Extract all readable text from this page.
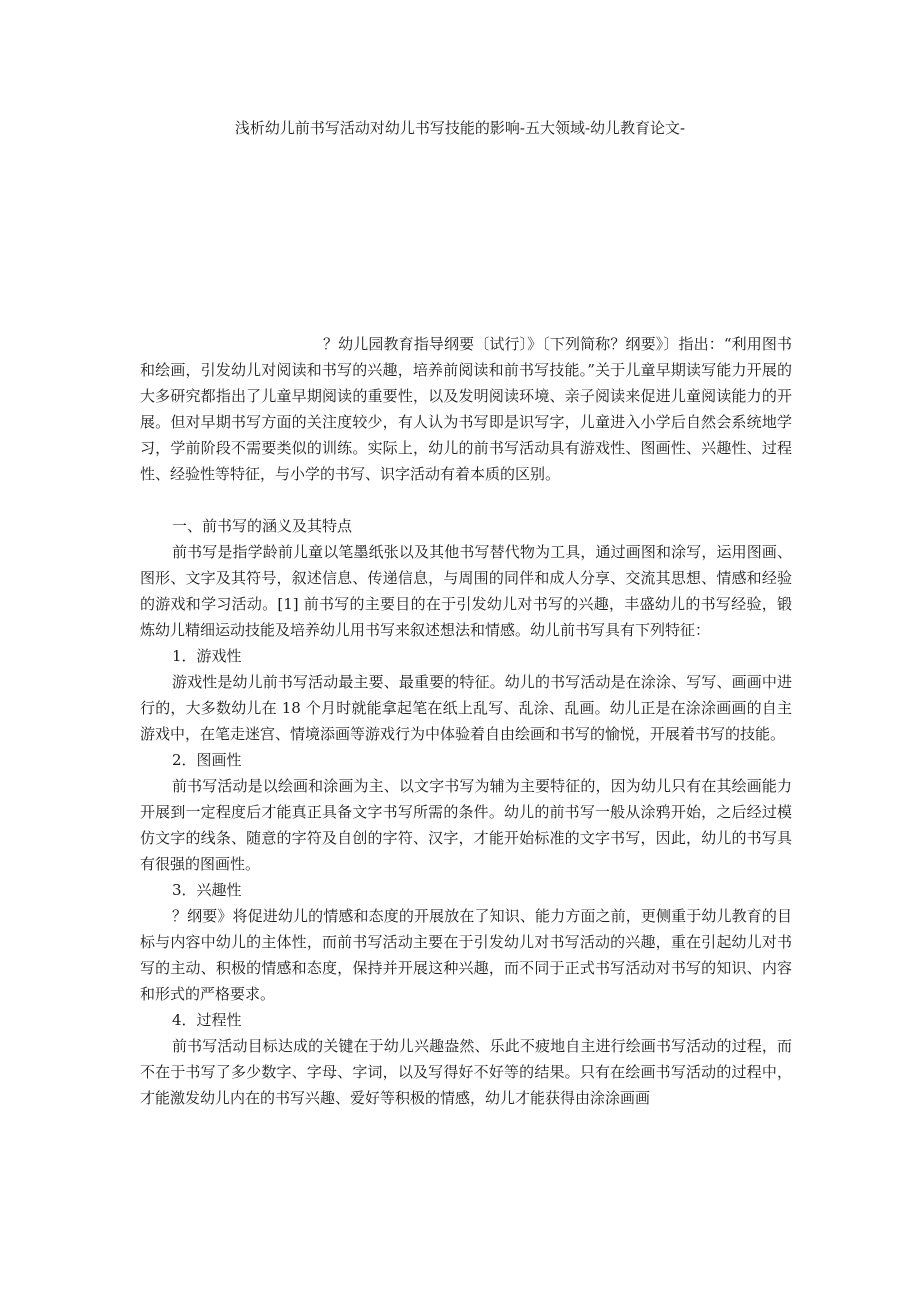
浅析幼儿前书写活动对幼儿书写技能的影响-五大领域-幼儿教育论文-

？幼儿园教育指导纲要〔试行〕》〔下列简称？纲要》〕指出：“利用图书和绘画，引发幼儿对阅读和书写的兴趣，培养前阅读和前书写技能。”关于儿童早期读写能力开展的大多研究都指出了儿童早期阅读的重要性，以及发明阅读环境、亲子阅读来促进儿童阅读能力的开展。但对早期书写方面的关注度较少，有人认为书写即是识写字，儿童进入小学后自然会系统地学习，学前阶段不需要类似的训练。实际上，幼儿的前书写活动具有游戏性、图画性、兴趣性、过程性、经验性等特征，与小学的书写、识字活动有着本质的区别。

一、前书写的涵义及其特点

前书写是指学龄前儿童以笔墨纸张以及其他书写替代物为工具，通过画图和涂写，运用图画、图形、文字及其符号，叙述信息、传递信息，与周围的同伴和成人分享、交流其思想、情感和经验的游戏和学习活动。[1] 前书写的主要目的在于引发幼儿对书写的兴趣，丰盛幼儿的书写经验，锻炼幼儿精细运动技能及培养幼儿用书写来叙述想法和情感。幼儿前书写具有下列特征：

1．游戏性

游戏性是幼儿前书写活动最主要、最重要的特征。幼儿的书写活动是在涂涂、写写、画画中进行的，大多数幼儿在 18 个月时就能拿起笔在纸上乱写、乱涂、乱画。幼儿正是在涂涂画画的自主游戏中，在笔走迷宫、情境添画等游戏行为中体验着自由绘画和书写的愉悦，开展着书写的技能。

2．图画性

前书写活动是以绘画和涂画为主、以文字书写为辅为主要特征的，因为幼儿只有在其绘画能力开展到一定程度后才能真正具备文字书写所需的条件。幼儿的前书写一般从涂鸦开始，之后经过模仿文字的线条、随意的字符及自创的字符、汉字，才能开始标准的文字书写，因此，幼儿的书写具有很强的图画性。

3．兴趣性

？纲要》将促进幼儿的情感和态度的开展放在了知识、能力方面之前，更侧重于幼儿教育的目标与内容中幼儿的主体性，而前书写活动主要在于引发幼儿对书写活动的兴趣，重在引起幼儿对书写的主动、积极的情感和态度，保持并开展这种兴趣，而不同于正式书写活动对书写的知识、内容和形式的严格要求。

4．过程性

前书写活动目标达成的关键在于幼儿兴趣盎然、乐此不疲地自主进行绘画书写活动的过程，而不在于书写了多少数字、字母、字词，以及写得好不好等的结果。只有在绘画书写活动的过程中，才能激发幼儿内在的书写兴趣、爱好等积极的情感，幼儿才能获得由涂涂画画
